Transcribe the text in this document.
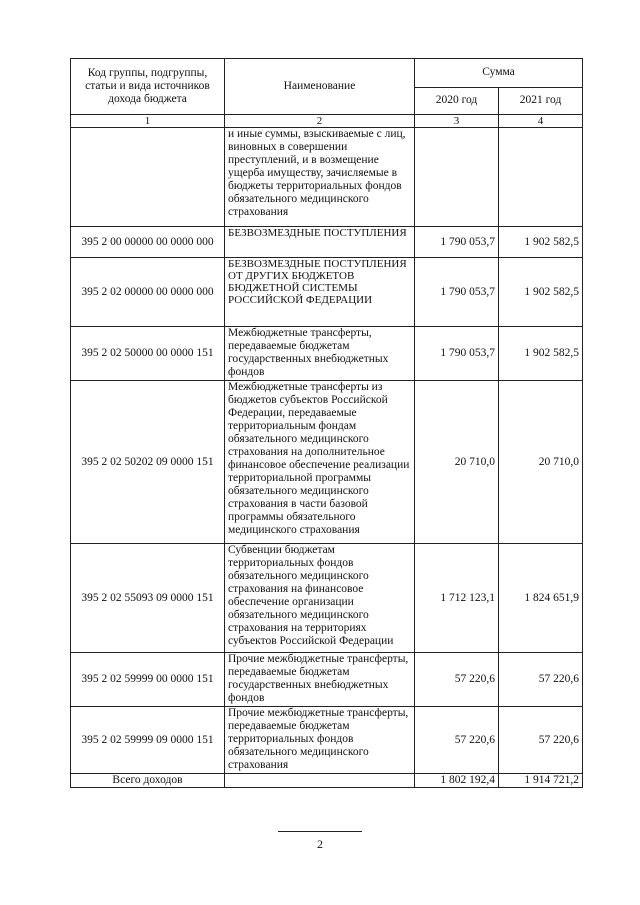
Код группы, подгруппы, статьи и вида источников дохода бюджета	Наименование	Сумма	
		2020 год	2021 год
1	2	3	4
	и иные суммы, взыскиваемые с лиц, виновных в совершении преступлений, и в возмещение ущерба имуществу, зачисляемые в бюджеты территориальных фондов обязательного медицинского страхования		
395 2 00 00000 00 0000 000	БЕЗВОЗМЕЗДНЫЕ ПОСТУПЛЕНИЯ	1 790 053,7	1 902 582,5
395 2 02 00000 00 0000 000	БЕЗВОЗМЕЗДНЫЕ ПОСТУПЛЕНИЯ ОТ ДРУГИХ БЮДЖЕТОВ БЮДЖЕТНОЙ СИСТЕМЫ РОССИЙСКОЙ ФЕДЕРАЦИИ	1 790 053,7	1 902 582,5
395 2 02 50000 00 0000 151	Межбюджетные трансферты, передаваемые бюджетам государственных внебюджетных фондов	1 790 053,7	1 902 582,5
395 2 02 50202 09 0000 151	Межбюджетные трансферты из бюджетов субъектов Российской Федерации, передаваемые территориальным фондам обязательного медицинского страхования на дополнительное финансовое обеспечение реализации территориальной программы обязательного медицинского страхования в части базовой программы обязательного медицинского страхования	20 710,0	20 710,0
395 2 02 55093 09 0000 151	Субвенции бюджетам территориальных фондов обязательного медицинского страхования на финансовое обеспечение организации обязательного медицинского страхования на территориях субъектов Российской Федерации	1 712 123,1	1 824 651,9
395 2 02 59999 00 0000 151	Прочие межбюджетные трансферты, передаваемые бюджетам государственных внебюджетных фондов	57 220,6	57 220,6
395 2 02 59999 09 0000 151	Прочие межбюджетные трансферты, передаваемые бюджетам территориальных фондов обязательного медицинского страхования	57 220,6	57 220,6
Всего доходов		1 802 192,4	1 914 721,2
2
